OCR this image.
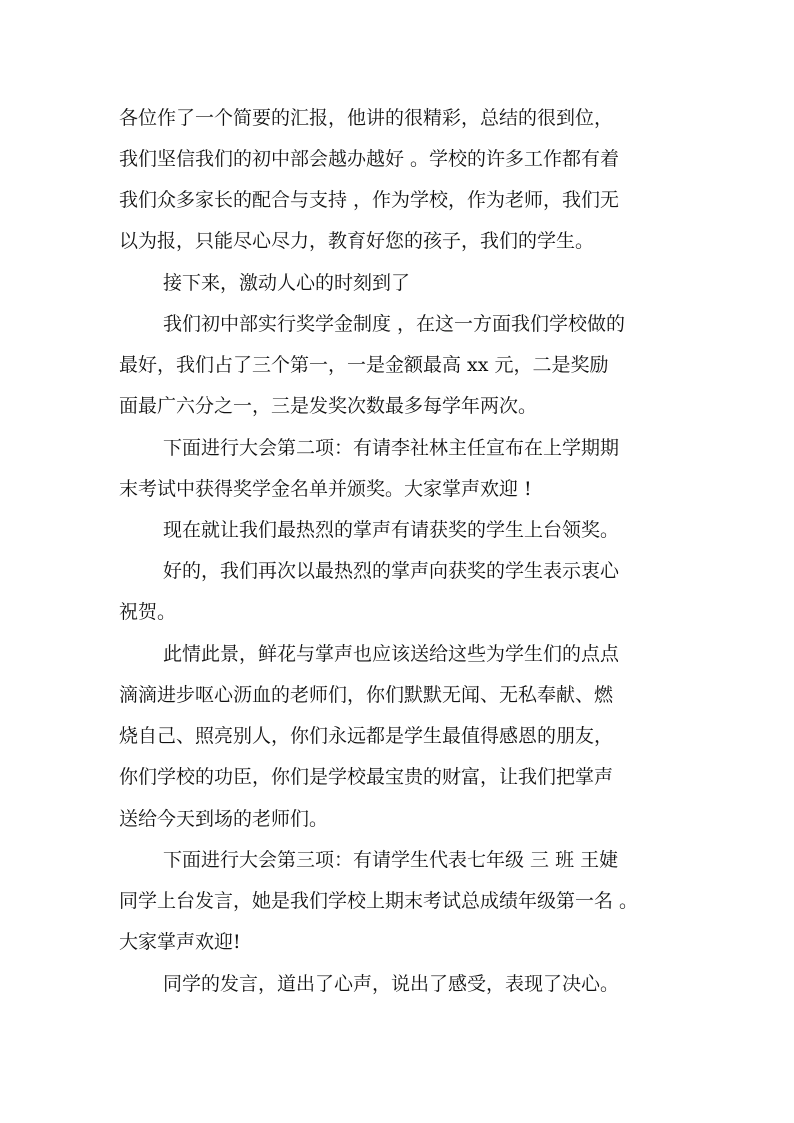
各位作了一个简要的汇报，他讲的很精彩，总结的很到位，
我们坚信我们的初中部会越办越好 。学校的许多工作都有着
我们众多家长的配合与支持 ，作为学校，作为老师，我们无
以为报，只能尽心尽力，教育好您的孩子，我们的学生。
接下来，激动人心的时刻到了
我们初中部实行奖学金制度 ，在这一方面我们学校做的
最好，我们占了三个第一，一是金额最高 xx 元，二是奖励
面最广六分之一，三是发奖次数最多每学年两次。
下面进行大会第二项：有请李社林主任宣布在上学期期
末考试中获得奖学金名单并颁奖。大家掌声欢迎 !
现在就让我们最热烈的掌声有请获奖的学生上台领奖。
好的，我们再次以最热烈的掌声向获奖的学生表示衷心
祝贺。
此情此景，鲜花与掌声也应该送给这些为学生们的点点
滴滴进步呕心沥血的老师们，你们默默无闻、无私奉献、燃
烧自己、照亮别人，你们永远都是学生最值得感恩的朋友，
你们学校的功臣，你们是学校最宝贵的财富，让我们把掌声
送给今天到场的老师们。
下面进行大会第三项：有请学生代表七年级 三 班 王婕
同学上台发言，她是我们学校上期末考试总成绩年级第一名 。
大家掌声欢迎!
同学的发言，道出了心声，说出了感受，表现了决心。
